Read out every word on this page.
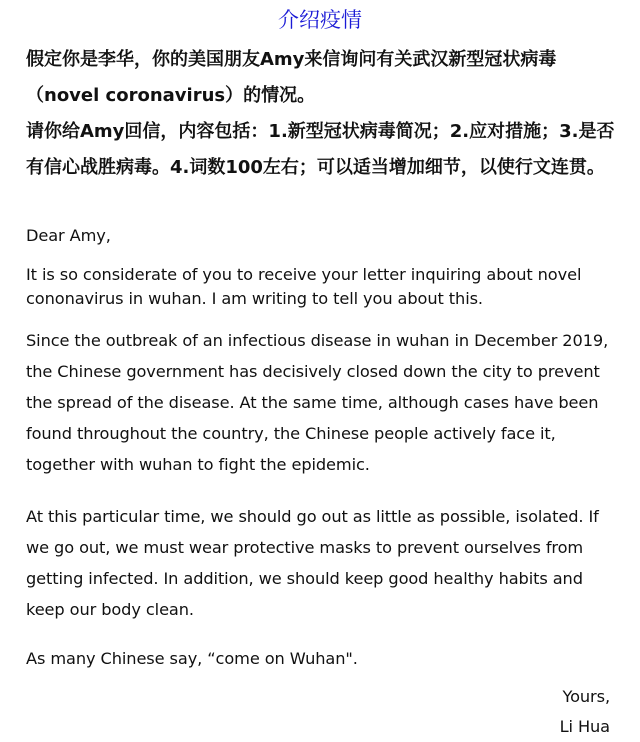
介绍疫情

假定你是李华，你的美国朋友Amy来信询问有关武汉新型冠状病毒（novel coronavirus）的情况。

请你给Amy回信，内容包括：1.新型冠状病毒简况；2.应对措施；3.是否有信心战胜病毒。4.词数100左右；可以适当增加细节，以使行文连贯。

Dear Amy,

It is so considerate of you to receive your letter inquiring about novel cononavirus in wuhan. I am writing to tell you about this.

Since the outbreak of an infectious disease in wuhan in December 2019, the Chinese government has decisively closed down the city to prevent the spread of the disease. At the same time, although cases have been found throughout the country, the Chinese people actively face it, together with wuhan to fight the epidemic.

At this particular time, we should go out as little as possible, isolated. If we go out, we must wear protective masks to prevent ourselves from getting infected. In addition, we should keep good healthy habits and keep our body clean.

As many Chinese say, “come on Wuhan".

Yours,

Li Hua
